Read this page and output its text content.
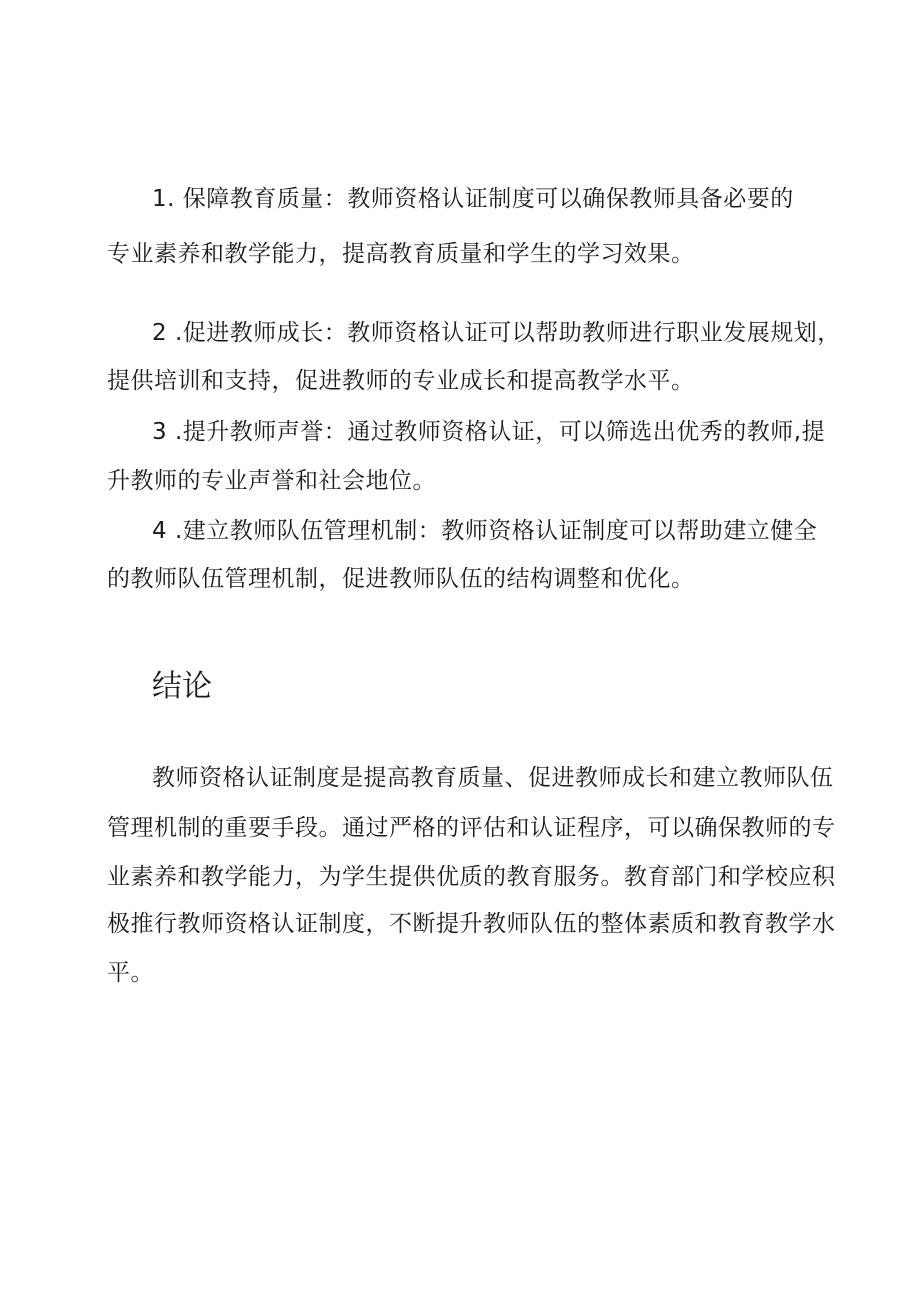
1. 保障教育质量：教师资格认证制度可以确保教师具备必要的
专业素养和教学能力，提高教育质量和学生的学习效果。
2 .促进教师成长：教师资格认证可以帮助教师进行职业发展规划，
提供培训和支持，促进教师的专业成长和提高教学水平。
3 .提升教师声誉：通过教师资格认证，可以筛选出优秀的教师,提
升教师的专业声誉和社会地位。
4 .建立教师队伍管理机制：教师资格认证制度可以帮助建立健全
的教师队伍管理机制，促进教师队伍的结构调整和优化。
结论
教师资格认证制度是提高教育质量、促进教师成长和建立教师队伍
管理机制的重要手段。通过严格的评估和认证程序，可以确保教师的专
业素养和教学能力，为学生提供优质的教育服务。教育部门和学校应积
极推行教师资格认证制度，不断提升教师队伍的整体素质和教育教学水
平。
